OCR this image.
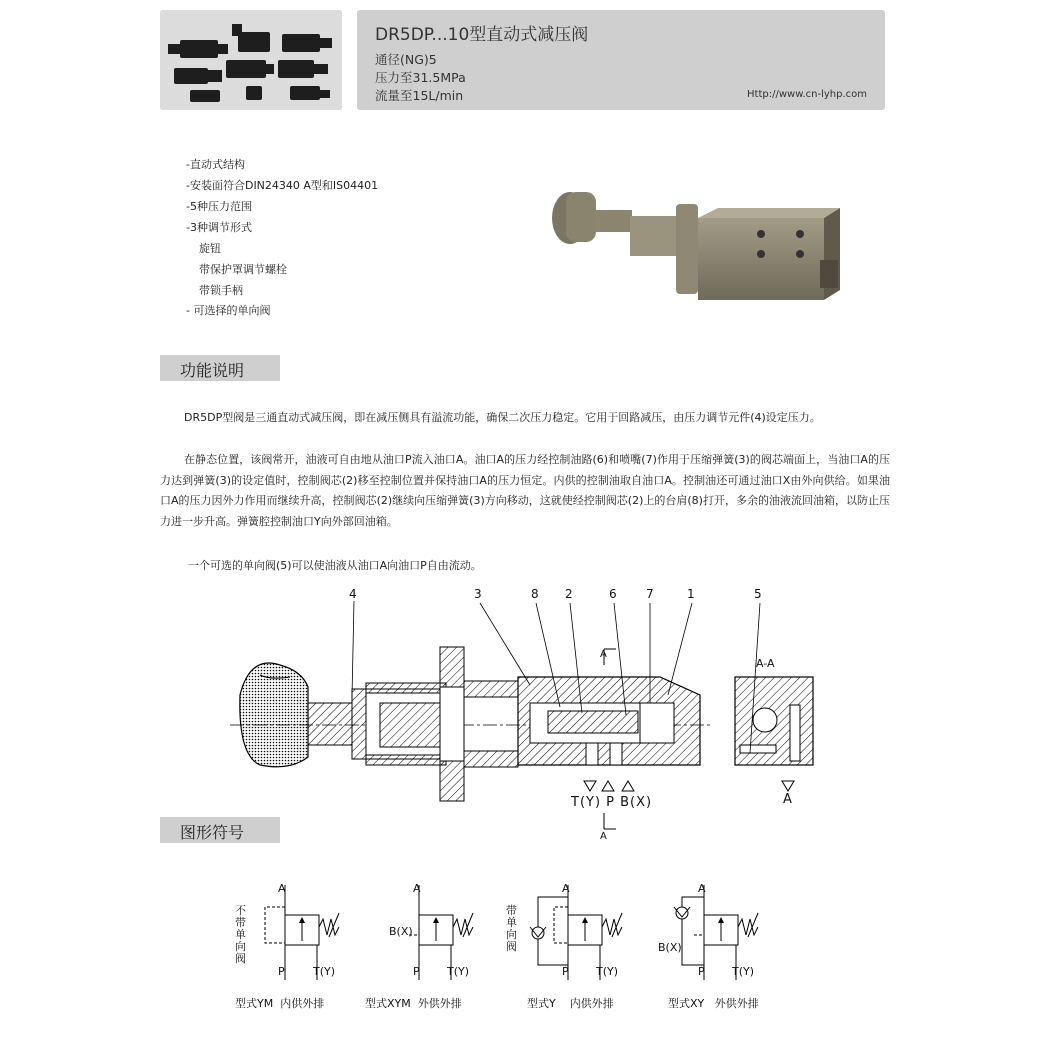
DR5DP...10型直动式减压阀
通径(NG)5
压力至31.5MPa
流量至15L/min	Http://www.cn-lyhp.com
-直动式结构
-安装面符合DIN24340 A型和IS04401
-5种压力范围
-3种调节形式
旋钮
带保护罩调节螺栓
带锁手柄
- 可选择的单向阀
功能说明
DR5DP型阀是三通直动式减压阀，即在减压侧具有溢流功能，确保二次压力稳定。它用于回路减压，由压力调节元件(4)设定压力。
在静态位置，该阀常开，油液可自由地从油口P流入油口A。油口A的压力经控制油路(6)和喷嘴(7)作用于压缩弹簧(3)的阀芯端面上，当油口A的压力达到弹簧(3)的设定值时，控制阀芯(2)移至控制位置并保持油口A的压力恒定。内供的控制油取自油口A。控制油还可通过油口X由外向供给。如果油口A的压力因外力作用而继续升高，控制阀芯(2)继续向压缩弹簧(3)方向移动，这就使经控制阀芯(2)上的台肩(8)打开，多余的油液流回油箱，以防止压力进一步升高。弹簧腔控制油口Y向外部回油箱。
一个可选的单向阀(5)可以使油液从油口A向油口P自由流动。
4	3	8 2	6 7	1	5
A
A
A-A
T(Y) P B(X)	A
图形符号
A
P	T(Y)
不带单向阀
A
B(X)
P T(Y)
A
P T(Y)
带单向阀
A
B(X)
P T(Y)
型式YM  内供外排	型式XYM  外供外排	型式Y    内供外排	型式XY   外供外排
